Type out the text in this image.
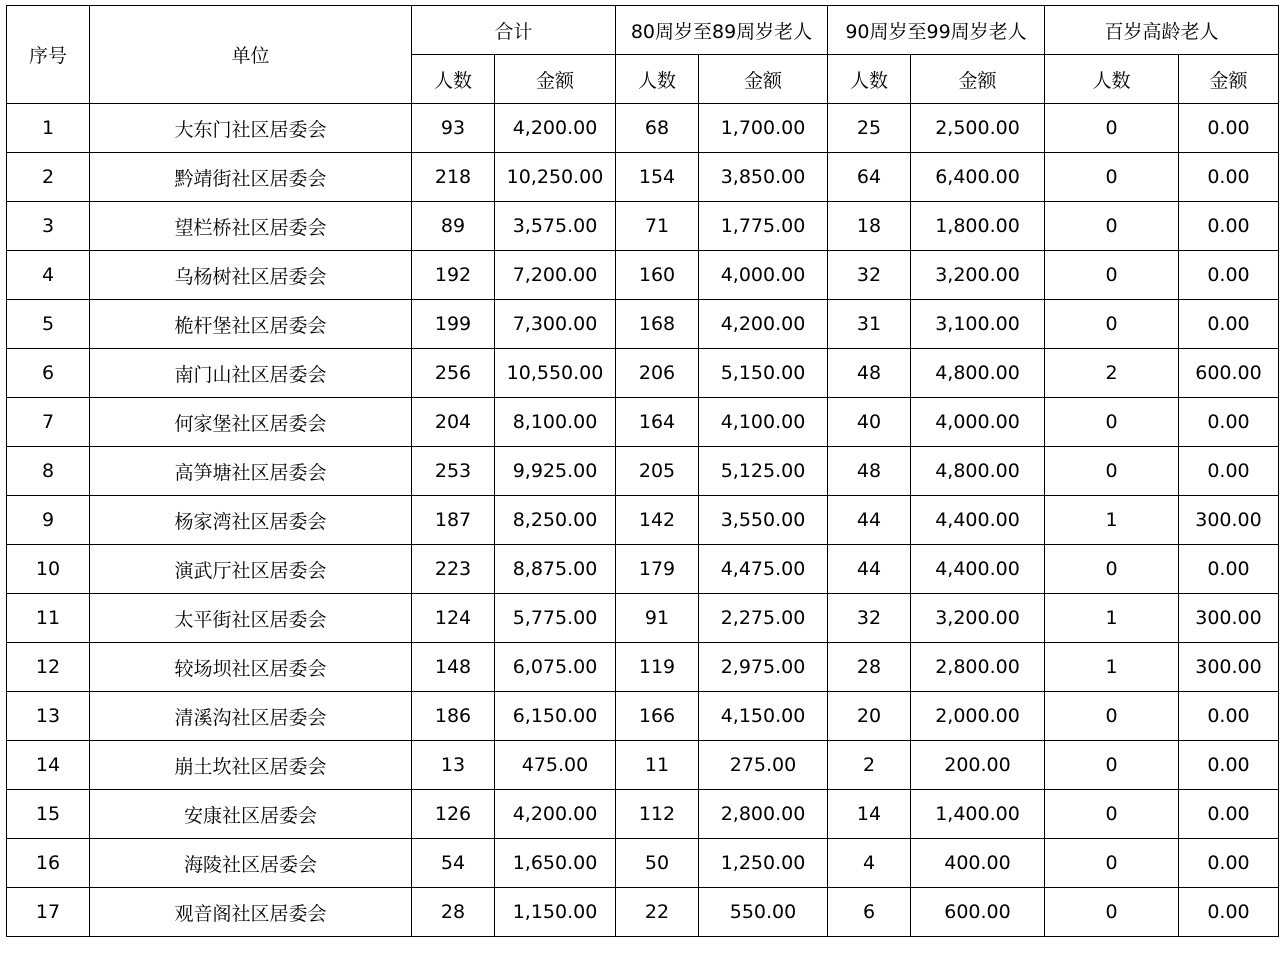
序号	单位	合计		80周岁至89周岁老人		90周岁至99周岁老人		百岁高龄老人	
		人数	金额	人数	金额	人数	金额	人数	金额
1	大东门社区居委会	93	4,200.00	68	1,700.00	25	2,500.00	0	0.00
2	黔靖街社区居委会	218	10,250.00	154	3,850.00	64	6,400.00	0	0.00
3	望栏桥社区居委会	89	3,575.00	71	1,775.00	18	1,800.00	0	0.00
4	乌杨树社区居委会	192	7,200.00	160	4,000.00	32	3,200.00	0	0.00
5	桅杆堡社区居委会	199	7,300.00	168	4,200.00	31	3,100.00	0	0.00
6	南门山社区居委会	256	10,550.00	206	5,150.00	48	4,800.00	2	600.00
7	何家堡社区居委会	204	8,100.00	164	4,100.00	40	4,000.00	0	0.00
8	高笋塘社区居委会	253	9,925.00	205	5,125.00	48	4,800.00	0	0.00
9	杨家湾社区居委会	187	8,250.00	142	3,550.00	44	4,400.00	1	300.00
10	演武厅社区居委会	223	8,875.00	179	4,475.00	44	4,400.00	0	0.00
11	太平街社区居委会	124	5,775.00	91	2,275.00	32	3,200.00	1	300.00
12	较场坝社区居委会	148	6,075.00	119	2,975.00	28	2,800.00	1	300.00
13	清溪沟社区居委会	186	6,150.00	166	4,150.00	20	2,000.00	0	0.00
14	崩土坎社区居委会	13	475.00	11	275.00	2	200.00	0	0.00
15	安康社区居委会	126	4,200.00	112	2,800.00	14	1,400.00	0	0.00
16	海陵社区居委会	54	1,650.00	50	1,250.00	4	400.00	0	0.00
17	观音阁社区居委会	28	1,150.00	22	550.00	6	600.00	0	0.00
